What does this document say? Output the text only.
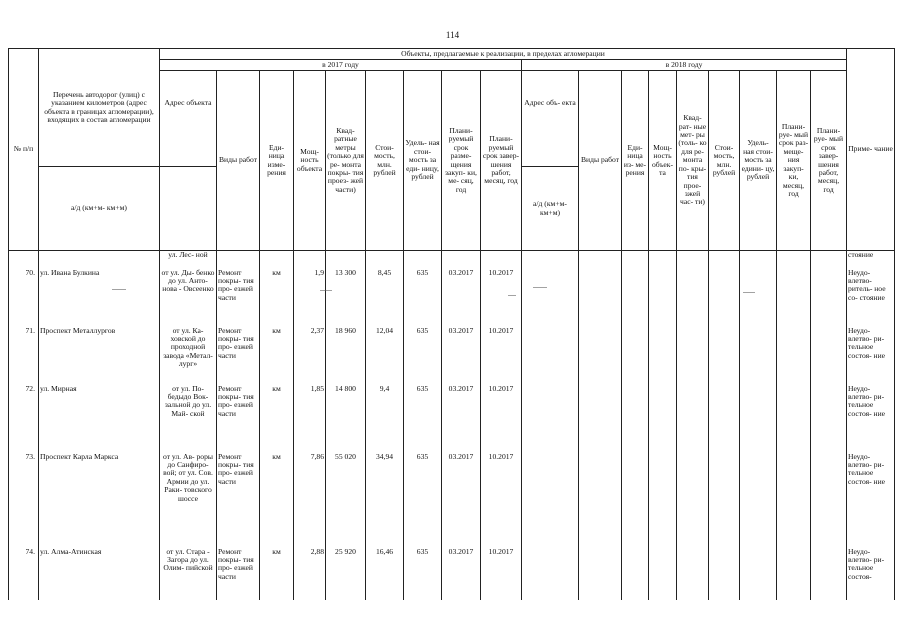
114
№ п/п	Перечень автодорог (улиц) с указанием километров (адрес объекта в границах агломерации), входящих в состав агломерации	Объекты, предлагаемые к реализации, в пределах агломерации																		Приме- чание
		в 2017 году									в 2018 году									
		Адрес объекта	Виды работ	Еди- ница изме- рения	Мощ- ность объекта	Квад- ратные метры (только для ре- монта покры- тия проез- жей части)	Стои- мость, млн. рублей	Удель- ная стои- мость за еди- ницу, рублей	Плани- руемый срок разме- щения закуп- ки, ме- сяц, год	Плани- руемый срок завер- шения работ, месяц, год	Адрес объ- екта	Виды работ	Еди- ница из- ме- рения	Мощ- ность объек- та	Квад- рат- ные мет- ры (толь- ко для ре- монта по- кры- тия прое- зжей час- ти)	Стои- мость, млн. рублей	Удель- ная стои- мость за едини- цу, рублей	Плани- руе- мый срок раз- меще- ния закуп- ки, месяц, год	Плани- руе- мый срок завер- шения работ, месяц, год	
	а/д (км+м- км+м)										а/д (км+м- км+м)									
		ул. Лес- ной																		стояние
70.	ул. Ивана Булкина	от ул. Ды- бенко до ул. Анто- нова - Овсеенко	Ремонт покры- тия про- езжей части	км	1,9	13 300	8,45	635	03.2017	10.2017										Неудо- влетво- ритель- ное со- стояние
71.	Проспект Металлургов	от ул. Ка- ховской до проходной завода «Метал- лург»	Ремонт покры- тия про- езжей части	км	2,37	18 960	12,04	635	03.2017	10.2017										Неудо- влетво- ри- тельное состоя- ние
72.	ул. Мирная	от ул. По- бедыдо Вок- зальной до ул. Май- ской	Ремонт покры- тия про- езжей части	км	1,85	14 800	9,4	635	03.2017	10.2017										Неудо- влетво- ри- тельное состоя- ние
73.	Проспект Карла Маркса	от ул. Ав- роры до Санфиро- вой; от ул. Сов. Армии до ул. Раки- товского шоссе	Ремонт покры- тия про- езжей части	км	7,86	55 020	34,94	635	03.2017	10.2017										Неудо- влетво- ри- тельное состоя- ние
74.	ул. Алма-Атинская	от ул. Стара - Загора до ул. Олим- пийской	Ремонт покры- тия про- езжей части	км	2,88	25 920	16,46	635	03.2017	10.2017										Неудо- влетво- ри- тельное состоя-
